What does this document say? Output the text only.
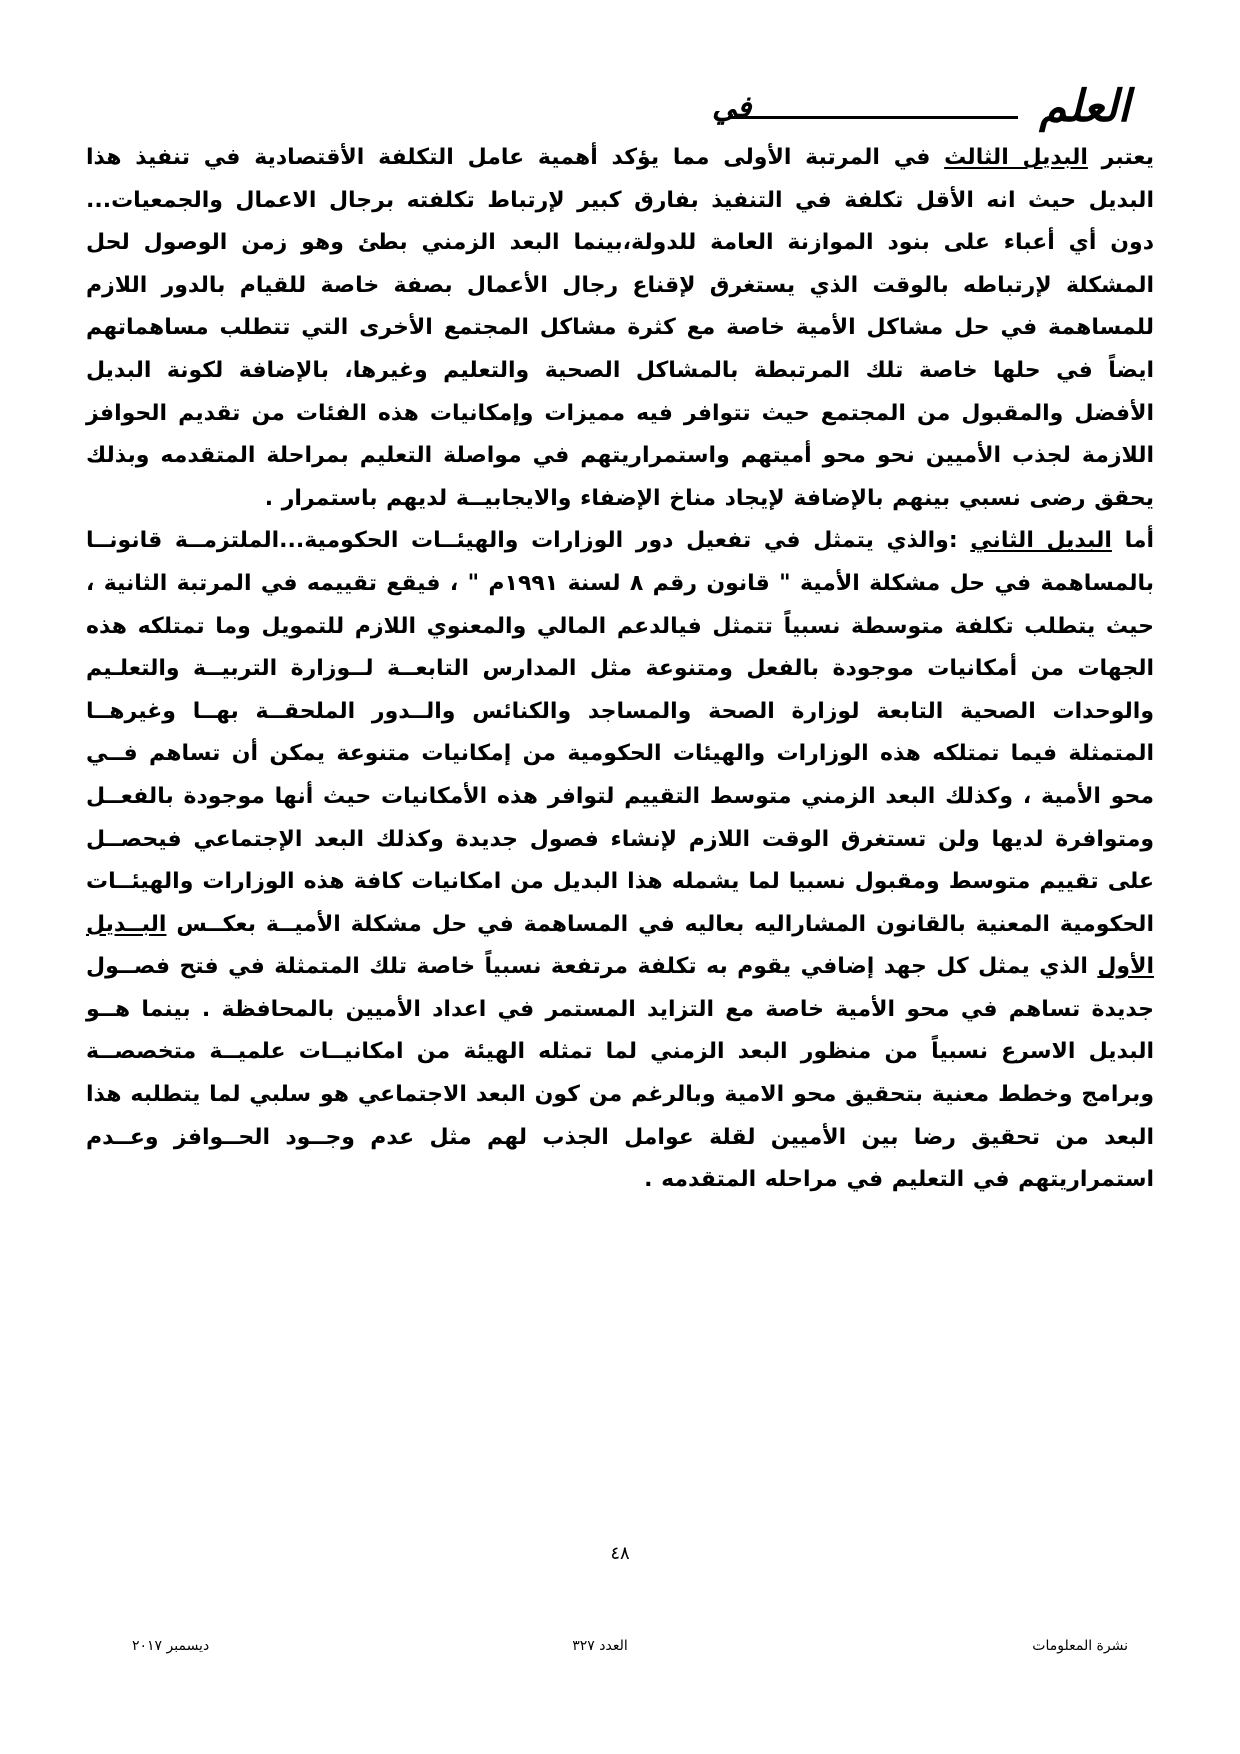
العلم
في

يعتبر البديل الثالث في المرتبة الأولى مما يؤكد أهمية عامل التكلفة الأقتصادية في تنفيذ هذا البديل حيث انه الأقل تكلفة في التنفيذ بفارق كبير لإرتباط تكلفته برجال الاعمال والجمعيات... دون أي أعباء على بنود الموازنة العامة للدولة،بينما البعد الزمني بطئ وهو زمن الوصول لحل المشكلة لإرتباطه بالوقت الذي يستغرق لإقناع رجال الأعمال بصفة خاصة للقيام بالدور اللازم للمساهمة في حل مشاكل الأمية خاصة مع كثرة مشاكل المجتمع الأخرى التي تتطلب مساهماتهم ايضاً في حلها خاصة تلك المرتبطة بالمشاكل الصحية والتعليم وغيرها، بالإضافة لكونة البديل الأفضل والمقبول من المجتمع حيث تتوافر فيه مميزات وإمكانيات هذه الفئات من تقديم الحوافز اللازمة لجذب الأميين نحو محو أميتهم واستمراريتهم في مواصلة التعليم بمراحلة المتقدمه وبذلك يحقق رضى نسبي بينهم بالإضافة لإيجاد مناخ الإضفاء والايجابيــة لديهم باستمرار .

أما البديل الثاني :والذي يتمثل في تفعيل دور الوزارات والهيئــات الحكومية...الملتزمــة قانونــا بالمساهمة في حل مشكلة الأمية " قانون رقم ٨ لسنة ١٩٩١م " ، فيقع تقييمه في المرتبة الثانية ، حيث يتطلب تكلفة متوسطة نسبياً تتمثل فيالدعم المالي والمعنوي اللازم للتمويل وما تمتلكه هذه الجهات من أمكانيات موجودة بالفعل ومتنوعة مثل المدارس التابعــة لــوزارة التربيــة والتعلـيم والوحدات الصحية التابعة لوزارة الصحة والمساجد والكنائس والــدور الملحقــة بهــا وغيرهــا المتمثلة فيما تمتلكه هذه الوزارات والهيئات الحكومية من إمكانيات متنوعة يمكن أن تساهم فــي محو الأمية ، وكذلك البعد الزمني متوسط التقييم لتوافر هذه الأمكانيات حيث أنها موجودة بالفعــل ومتوافرة لديها ولن تستغرق الوقت اللازم لإنشاء فصول جديدة وكذلك البعد الإجتماعي فيحصــل على تقييم متوسط ومقبول نسبيا لما يشمله هذا البديل من امكانيات كافة هذه الوزارات والهيئــات الحكومية المعنية بالقانون المشاراليه بعاليه في المساهمة في حل مشكلة الأميــة بعكــس البــديل الأول الذي يمثل كل جهد إضافي يقوم به تكلفة مرتفعة نسبياً خاصة تلك المتمثلة في فتح فصــول جديدة تساهم في محو الأمية خاصة مع التزايد المستمر في اعداد الأميين بالمحافظة . بينما هــو البديل الاسرع نسبياً من منظور البعد الزمني لما تمثله الهيئة من امكانيــات علميــة متخصصــة وبرامج وخطط معنية بتحقيق محو الامية وبالرغم من كون البعد الاجتماعي هو سلبي لما يتطلبه هذا البعد من تحقيق رضا بين الأميين لقلة عوامل الجذب لهم مثل عدم وجــود الحــوافز وعــدم استمراريتهم في التعليم في مراحله المتقدمه .

٤٨
نشرة المعلومات
العدد ٣٢٧
ديسمبر ٢٠١٧
